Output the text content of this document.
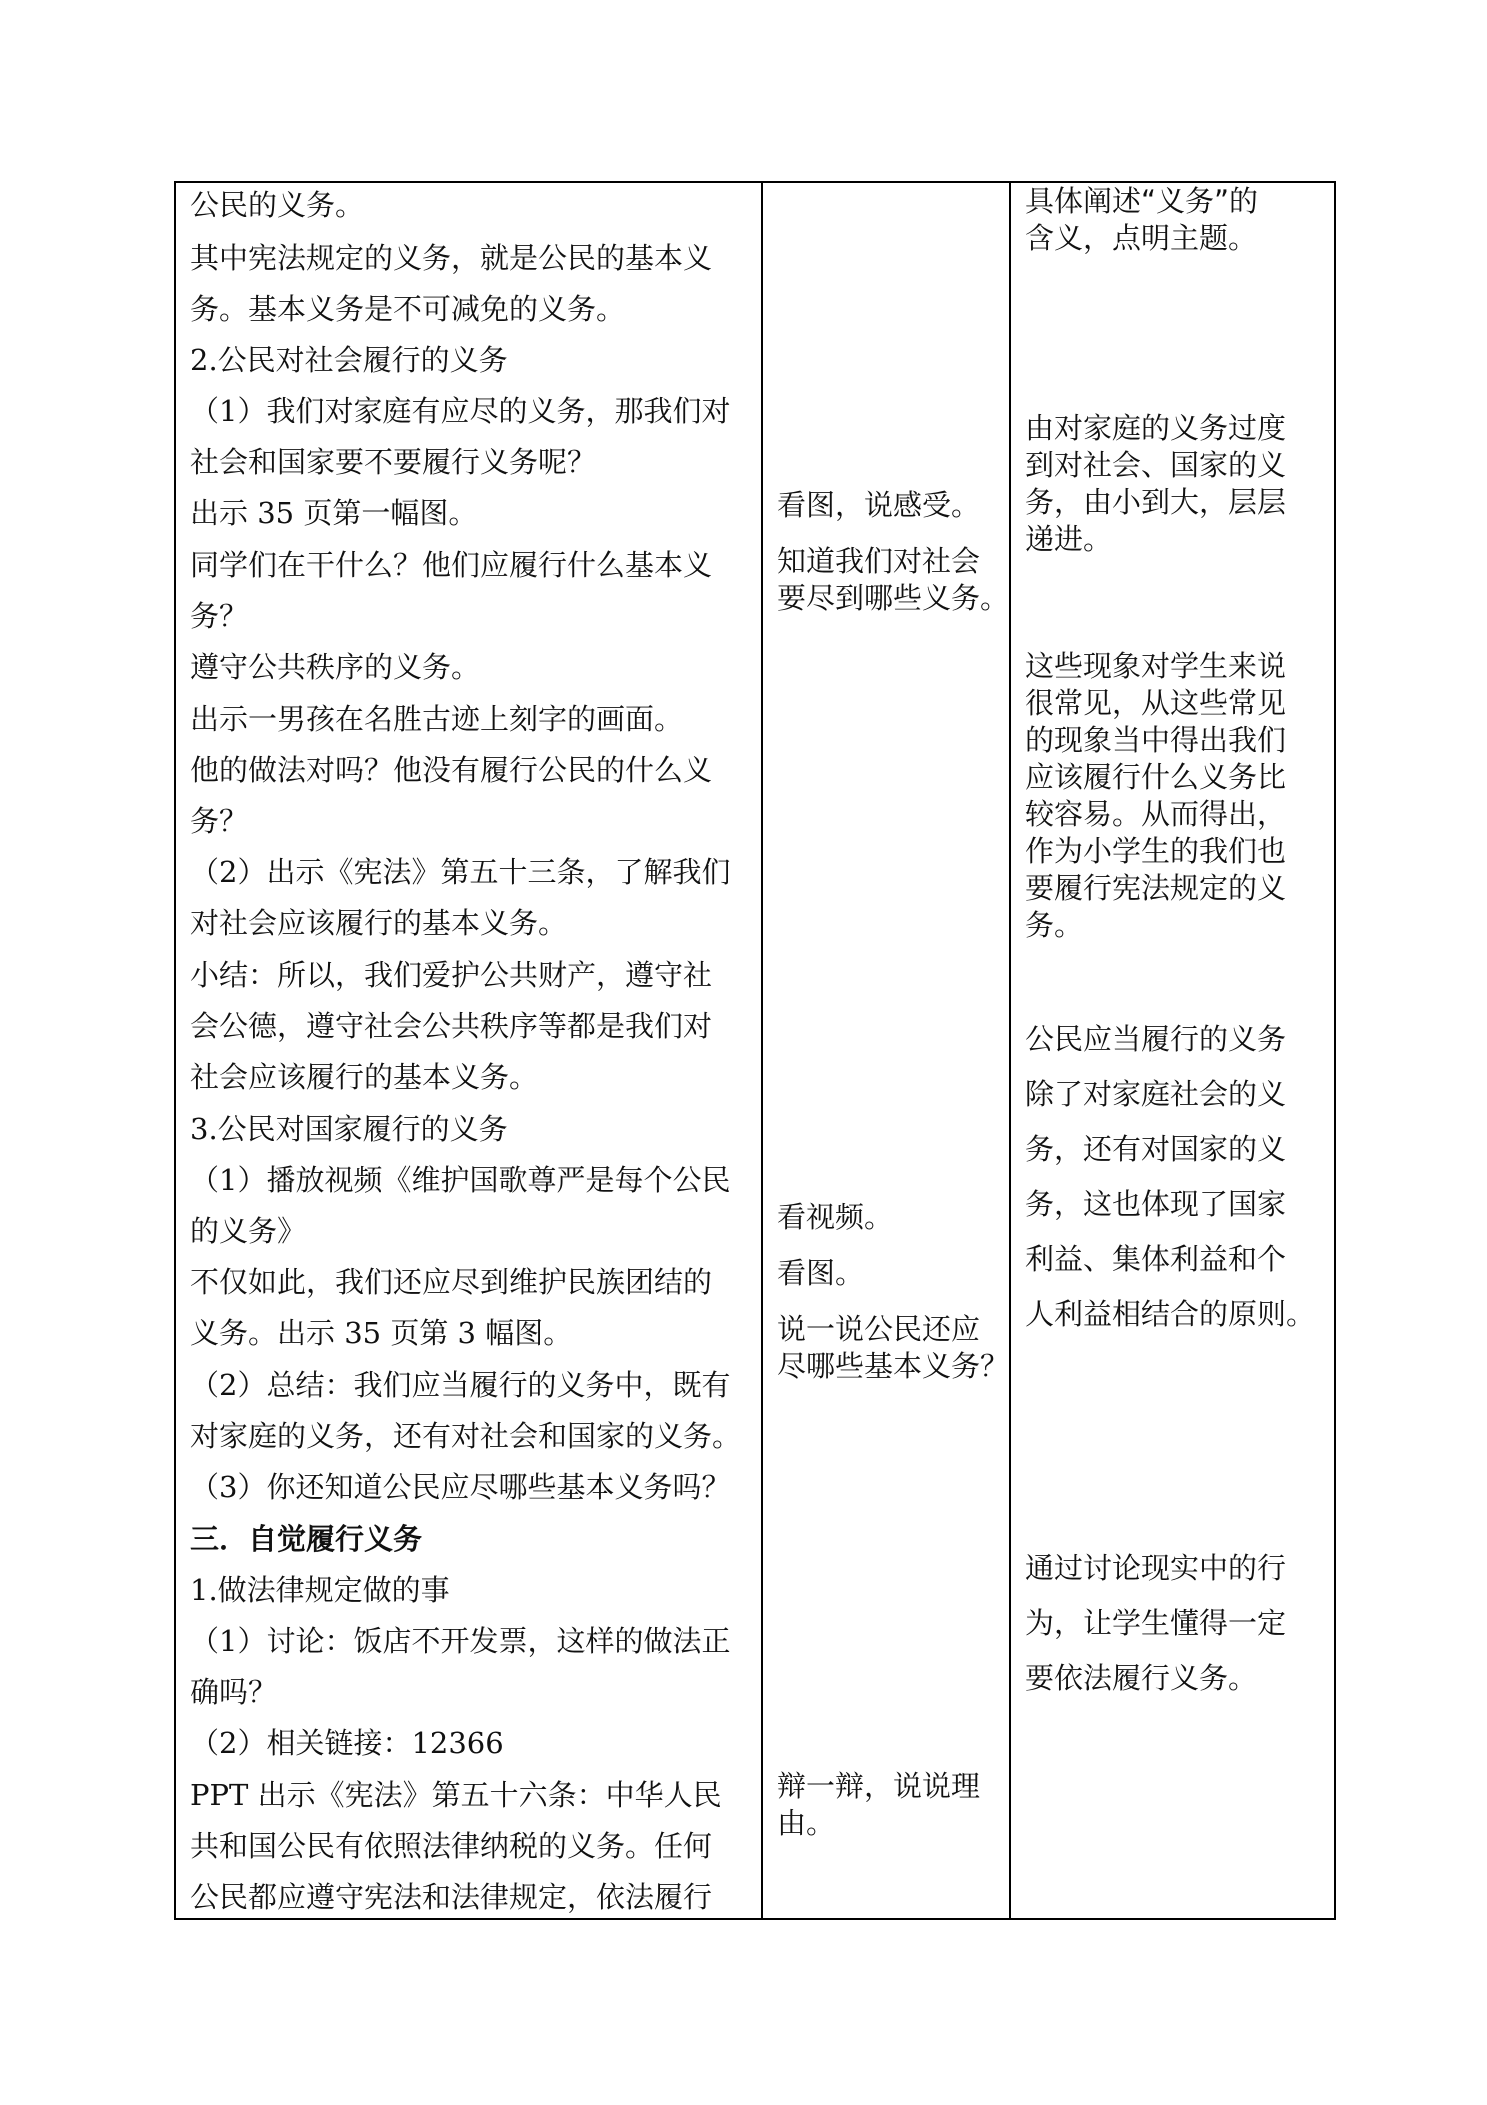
公民的义务。
其中宪法规定的义务，就是公民的基本义
务。基本义务是不可减免的义务。
2.公民对社会履行的义务
（1）我们对家庭有应尽的义务，那我们对
社会和国家要不要履行义务呢？
出示 35 页第一幅图。
同学们在干什么？他们应履行什么基本义
务？
遵守公共秩序的义务。
出示一男孩在名胜古迹上刻字的画面。
他的做法对吗？他没有履行公民的什么义
务？
（2）出示《宪法》第五十三条，了解我们
对社会应该履行的基本义务。
小结：所以，我们爱护公共财产，遵守社
会公德，遵守社会公共秩序等都是我们对
社会应该履行的基本义务。
3.公民对国家履行的义务
（1）播放视频《维护国歌尊严是每个公民
的义务》
不仅如此，我们还应尽到维护民族团结的
义务。出示 35 页第 3 幅图。
（2）总结：我们应当履行的义务中，既有
对家庭的义务，还有对社会和国家的义务。
（3）你还知道公民应尽哪些基本义务吗？
三．自觉履行义务
1.做法律规定做的事
（1）讨论：饭店不开发票，这样的做法正
确吗？
（2）相关链接：12366
PPT 出示《宪法》第五十六条：中华人民
共和国公民有依照法律纳税的义务。任何
公民都应遵守宪法和法律规定，依法履行

看图，说感受。
知道我们对社会
要尽到哪些义务。
看视频。
看图。
说一说公民还应
尽哪些基本义务？
辩一辩，说说理
由。

具体阐述“义务”的
含义，点明主题。
由对家庭的义务过度
到对社会、国家的义
务，由小到大，层层
递进。
这些现象对学生来说
很常见，从这些常见
的现象当中得出我们
应该履行什么义务比
较容易。从而得出，
作为小学生的我们也
要履行宪法规定的义
务。
公民应当履行的义务
除了对家庭社会的义
务，还有对国家的义
务，这也体现了国家
利益、集体利益和个
人利益相结合的原则。
通过讨论现实中的行
为，让学生懂得一定
要依法履行义务。
